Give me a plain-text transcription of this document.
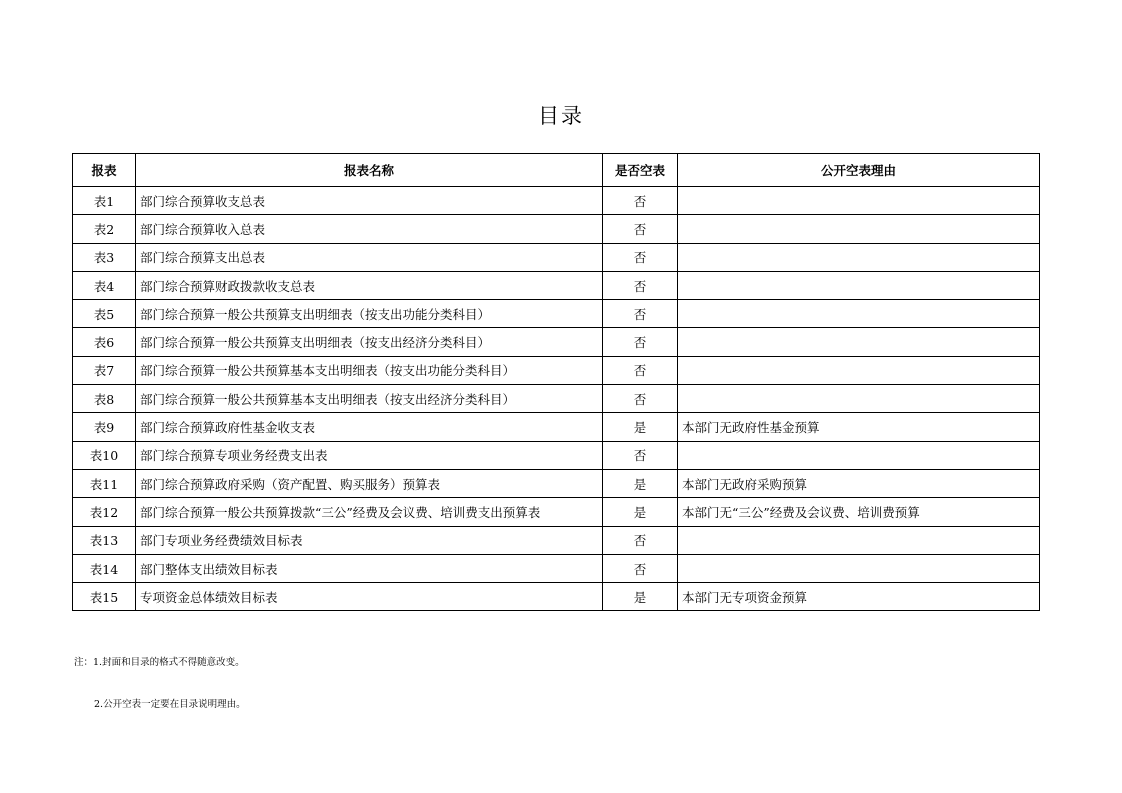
目录
报表	报表名称	是否空表	公开空表理由
表1	部门综合预算收支总表	否	
表2	部门综合预算收入总表	否	
表3	部门综合预算支出总表	否	
表4	部门综合预算财政拨款收支总表	否	
表5	部门综合预算一般公共预算支出明细表（按支出功能分类科目）	否	
表6	部门综合预算一般公共预算支出明细表（按支出经济分类科目）	否	
表7	部门综合预算一般公共预算基本支出明细表（按支出功能分类科目）	否	
表8	部门综合预算一般公共预算基本支出明细表（按支出经济分类科目）	否	
表9	部门综合预算政府性基金收支表	是	本部门无政府性基金预算
表10	部门综合预算专项业务经费支出表	否	
表11	部门综合预算政府采购（资产配置、购买服务）预算表	是	本部门无政府采购预算
表12	部门综合预算一般公共预算拨款“三公”经费及会议费、培训费支出预算表	是	本部门无“三公”经费及会议费、培训费预算
表13	部门专项业务经费绩效目标表	否	
表14	部门整体支出绩效目标表	否	
表15	专项资金总体绩效目标表	是	本部门无专项资金预算

注：1.封面和目录的格式不得随意改变。

2.公开空表一定要在目录说明理由。
